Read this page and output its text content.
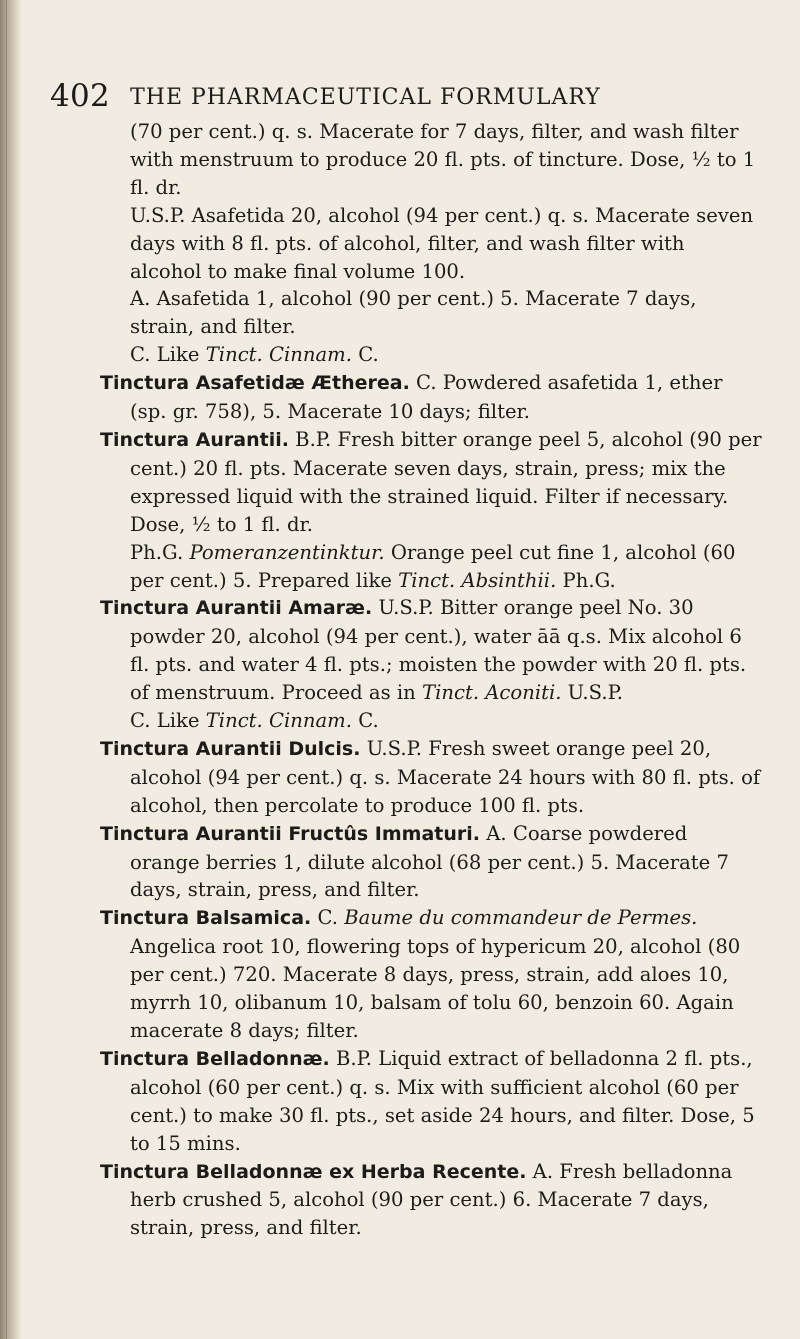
402 THE PHARMACEUTICAL FORMULARY

(70 per cent.) q. s. Macerate for 7 days, filter, and wash filter with menstruum to produce 20 fl. pts. of tincture. Dose, ½ to 1 fl. dr.

U.S.P. Asafetida 20, alcohol (94 per cent.) q. s. Macerate seven days with 8 fl. pts. of alcohol, filter, and wash filter with alcohol to make final volume 100.

A. Asafetida 1, alcohol (90 per cent.) 5. Macerate 7 days, strain, and filter.

C. Like Tinct. Cinnam. C.

Tinctura Asafetidæ Ætherea. C. Powdered asafetida 1, ether (sp. gr. 758), 5. Macerate 10 days; filter.

Tinctura Aurantii. B.P. Fresh bitter orange peel 5, alcohol (90 per cent.) 20 fl. pts. Macerate seven days, strain, press; mix the expressed liquid with the strained liquid. Filter if necessary. Dose, ½ to 1 fl. dr.

Ph.G. Pomeranzentinktur. Orange peel cut fine 1, alcohol (60 per cent.) 5. Prepared like Tinct. Absinthii. Ph.G.

Tinctura Aurantii Amaræ. U.S.P. Bitter orange peel No. 30 powder 20, alcohol (94 per cent.), water āā q.s. Mix alcohol 6 fl. pts. and water 4 fl. pts.; moisten the powder with 20 fl. pts. of menstruum. Proceed as in Tinct. Aconiti. U.S.P.

C. Like Tinct. Cinnam. C.

Tinctura Aurantii Dulcis. U.S.P. Fresh sweet orange peel 20, alcohol (94 per cent.) q. s. Macerate 24 hours with 80 fl. pts. of alcohol, then percolate to produce 100 fl. pts.

Tinctura Aurantii Fructûs Immaturi. A. Coarse powdered orange berries 1, dilute alcohol (68 per cent.) 5. Macerate 7 days, strain, press, and filter.

Tinctura Balsamica. C. Baume du commandeur de Permes. Angelica root 10, flowering tops of hypericum 20, alcohol (80 per cent.) 720. Macerate 8 days, press, strain, add aloes 10, myrrh 10, olibanum 10, balsam of tolu 60, benzoin 60. Again macerate 8 days; filter.

Tinctura Belladonnæ. B.P. Liquid extract of belladonna 2 fl. pts., alcohol (60 per cent.) q. s. Mix with sufficient alcohol (60 per cent.) to make 30 fl. pts., set aside 24 hours, and filter. Dose, 5 to 15 mins.

Tinctura Belladonnæ ex Herba Recente. A. Fresh belladonna herb crushed 5, alcohol (90 per cent.) 6. Macerate 7 days, strain, press, and filter.
